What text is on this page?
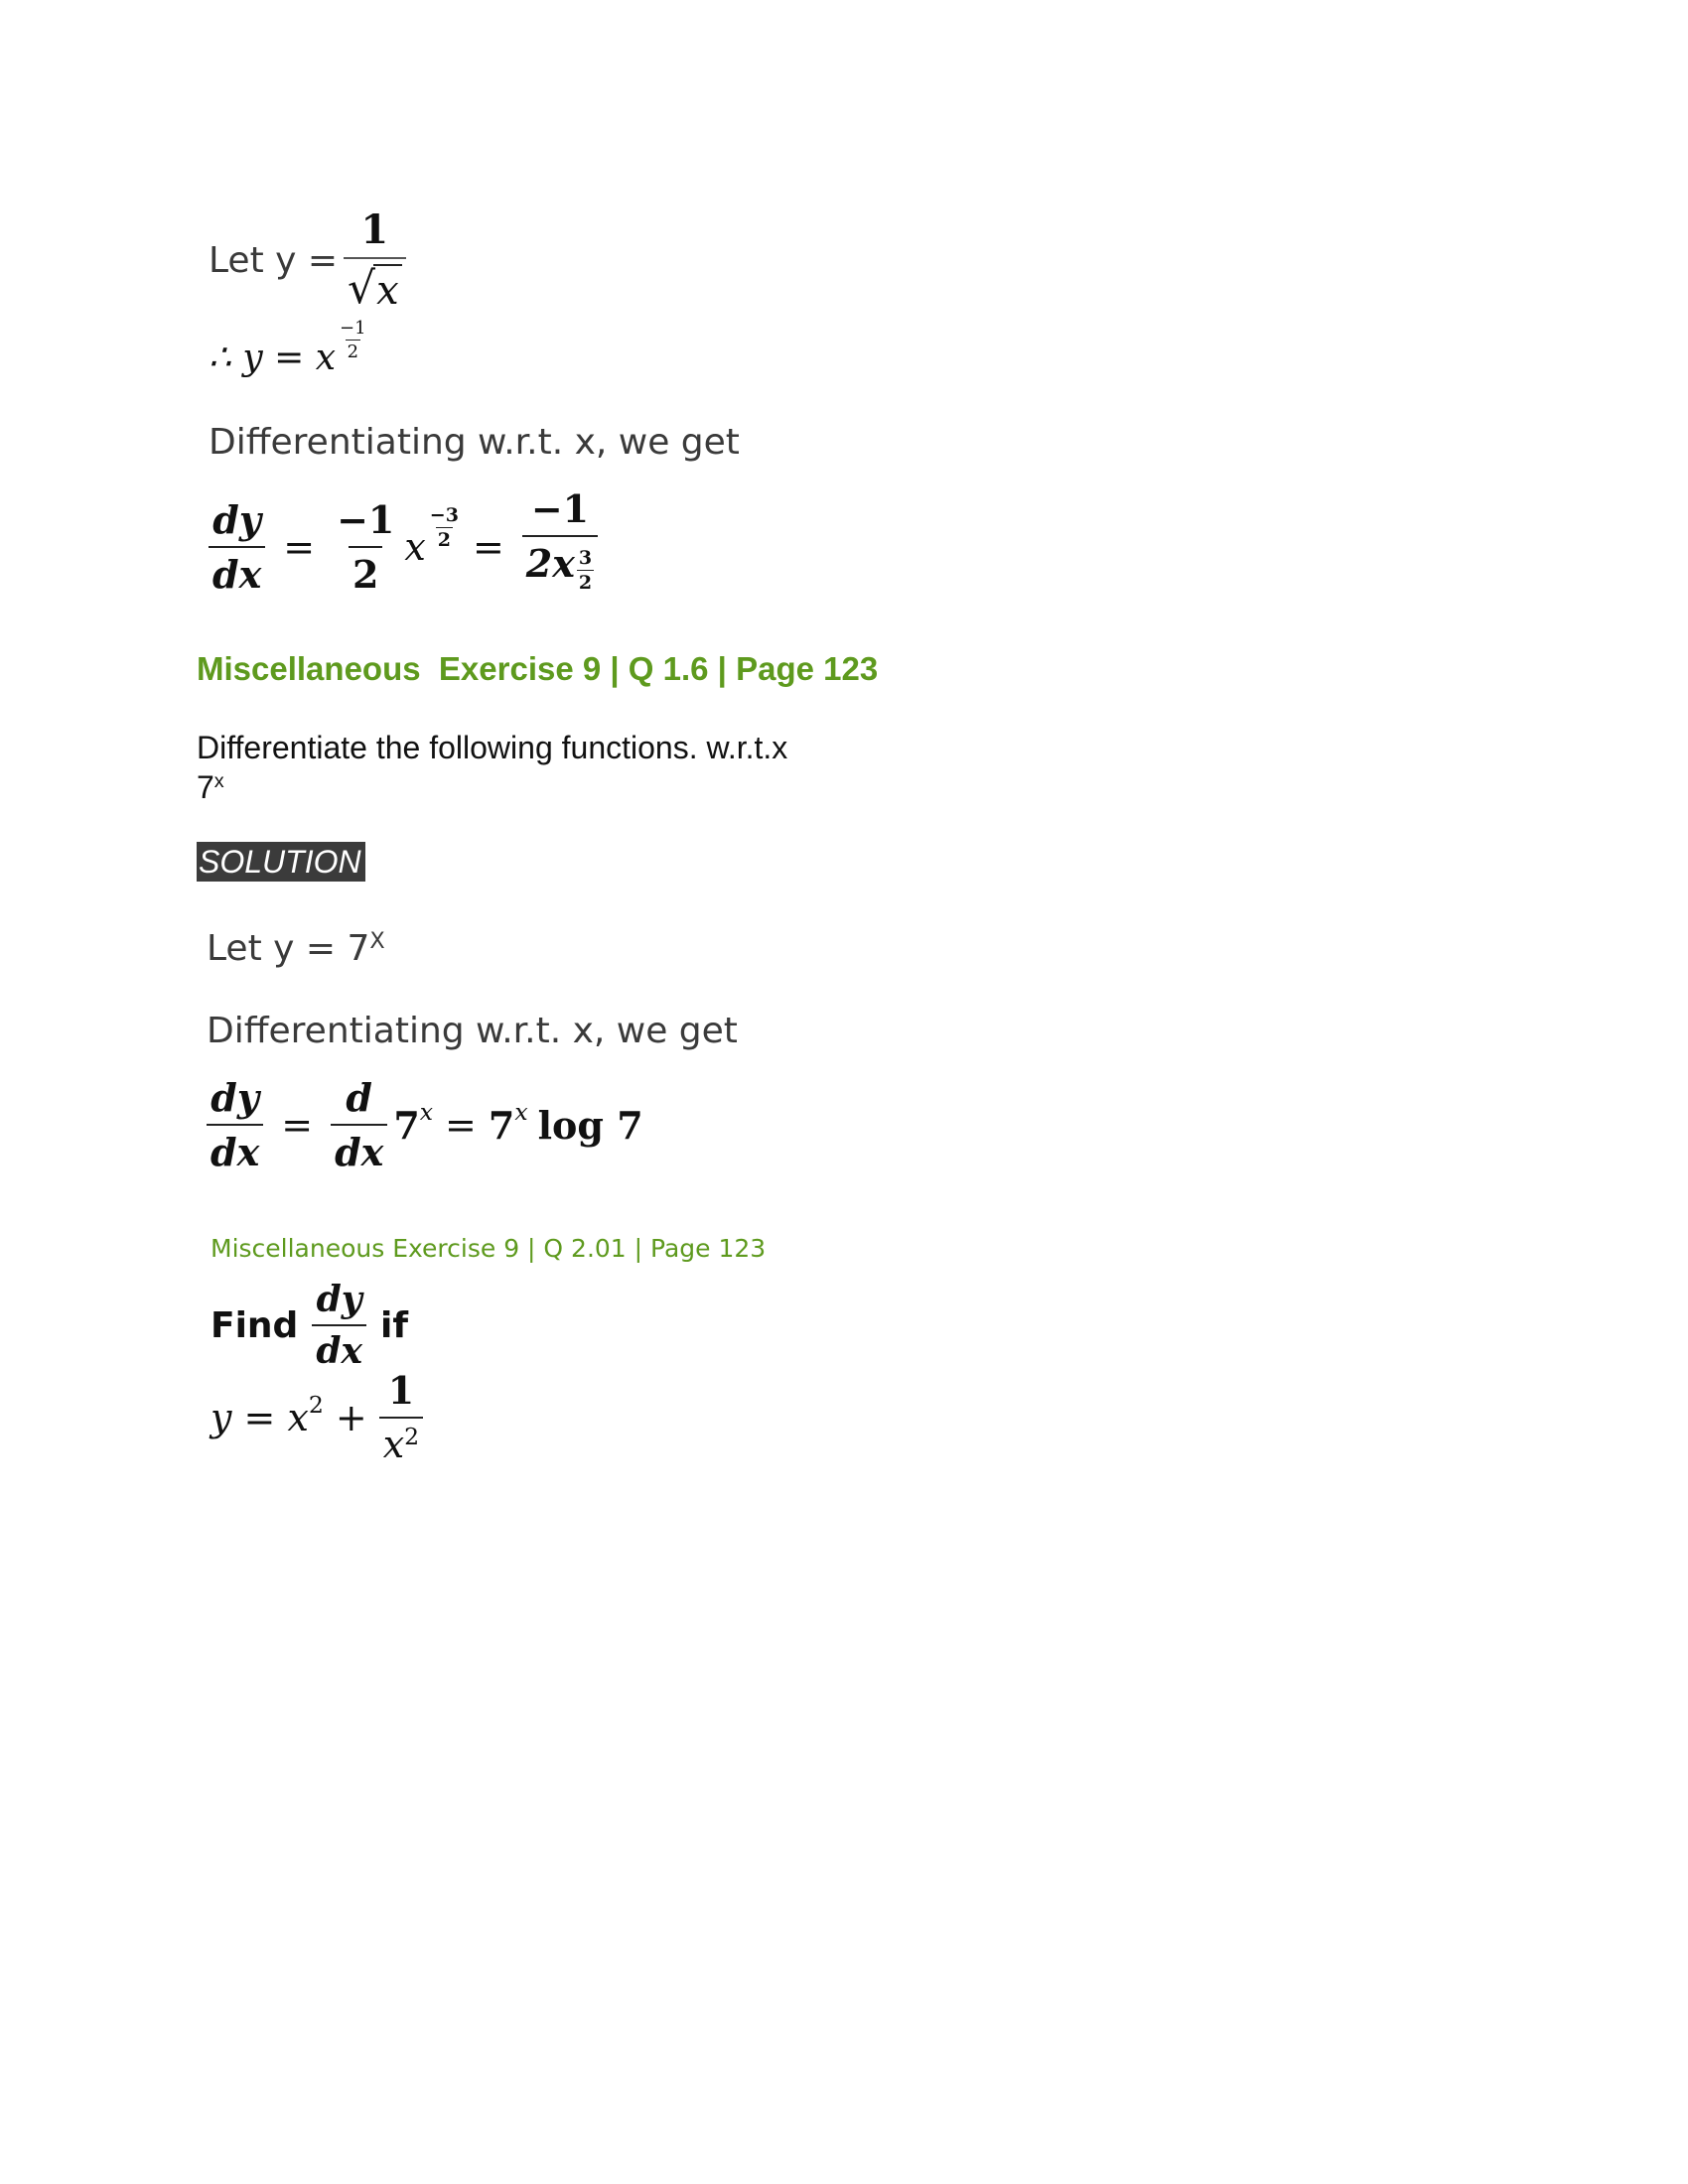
Let $y = \frac{1}{√ x}$
∴ y = x
−1
2
Differentiating w.r.t. x, we get
$\frac{dy}{dx} = \frac{-1}{2}$ x $\frac{-3}{2} = \frac{-1}{2x \frac{3}{2}}$
Miscellaneous  Exercise 9 | Q 1.6 | Page 123
Differentiate the following functions. w.r.t.x
7$^x$
SOLUTION
Let $y = 7^X$
Differentiating w.r.t. x, we get
$\frac{dy}{dx} = \frac{d}{dx} 7$ x = 7 x log 7
Miscellaneous Exercise 9 | Q 2.01 | Page 123
Find $\frac{dy}{dx}$ if
y = x $2 + \frac{1}{x^2}$
